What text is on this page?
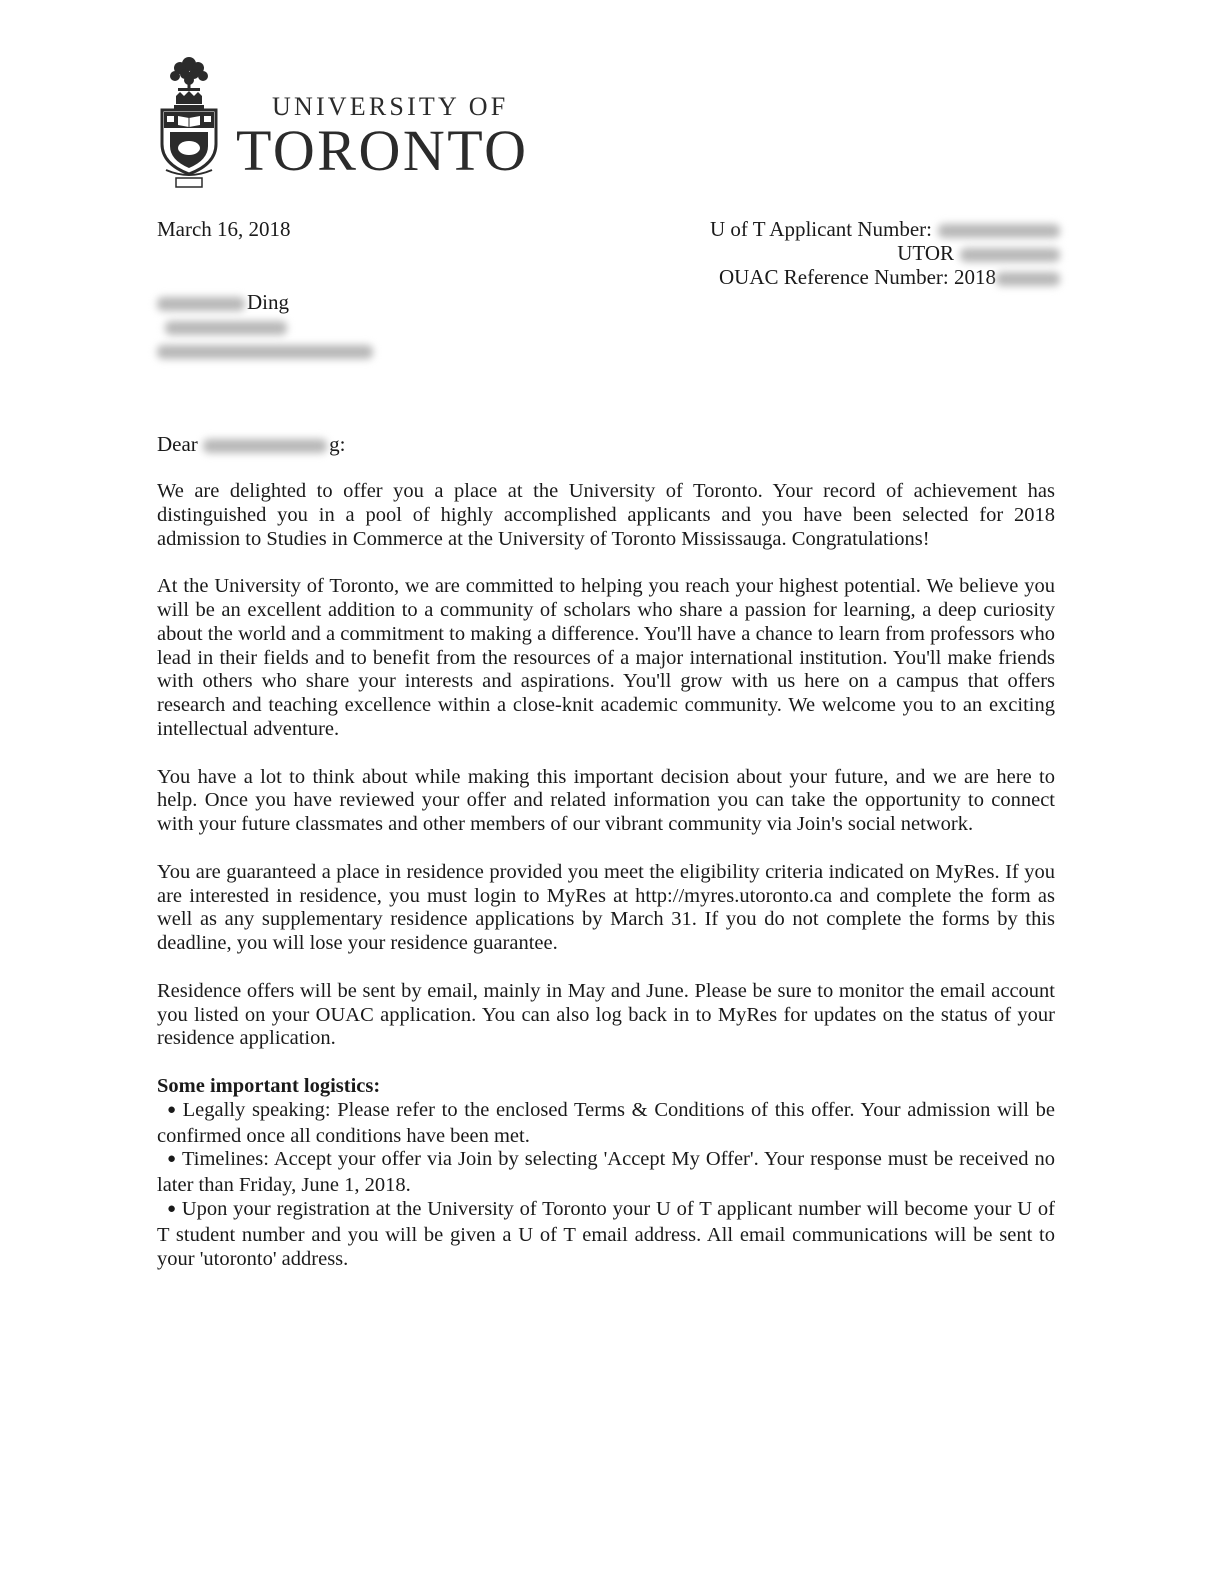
UNIVERSITY OF
TORONTO
March 16, 2018	U of T Applicant Number:
UTOR
OUAC Reference Number: 2018
Ding
Dear	g:

We are delighted to offer you a place at the University of Toronto. Your record of achievement has distinguished you in a pool of highly accomplished applicants and you have been selected for 2018 admission to Studies in Commerce at the University of Toronto Mississauga. Congratulations!

At the University of Toronto, we are committed to helping you reach your highest potential. We believe you will be an excellent addition to a community of scholars who share a passion for learning, a deep curiosity about the world and a commitment to making a difference. You'll have a chance to learn from professors who lead in their fields and to benefit from the resources of a major international institution. You'll make friends with others who share your interests and aspirations. You'll grow with us here on a campus that offers research and teaching excellence within a close-knit academic community. We welcome you to an exciting intellectual adventure.

You have a lot to think about while making this important decision about your future, and we are here to help. Once you have reviewed your offer and related information you can take the opportunity to connect with your future classmates and other members of our vibrant community via Join's social network.

You are guaranteed a place in residence provided you meet the eligibility criteria indicated on MyRes. If you are interested in residence, you must login to MyRes at http://myres.utoronto.ca and complete the form as well as any supplementary residence applications by March 31. If you do not complete the forms by this deadline, you will lose your residence guarantee.

Residence offers will be sent by email, mainly in May and June. Please be sure to monitor the email account you listed on your OUAC application. You can also log back in to MyRes for updates on the status of your residence application.

Some important logistics:
● Legally speaking: Please refer to the enclosed Terms & Conditions of this offer. Your admission will be confirmed once all conditions have been met.
● Timelines: Accept your offer via Join by selecting 'Accept My Offer'. Your response must be received no later than Friday, June 1, 2018.
● Upon your registration at the University of Toronto your U of T applicant number will become your U of T student number and you will be given a U of T email address. All email communications will be sent to your 'utoronto' address.
